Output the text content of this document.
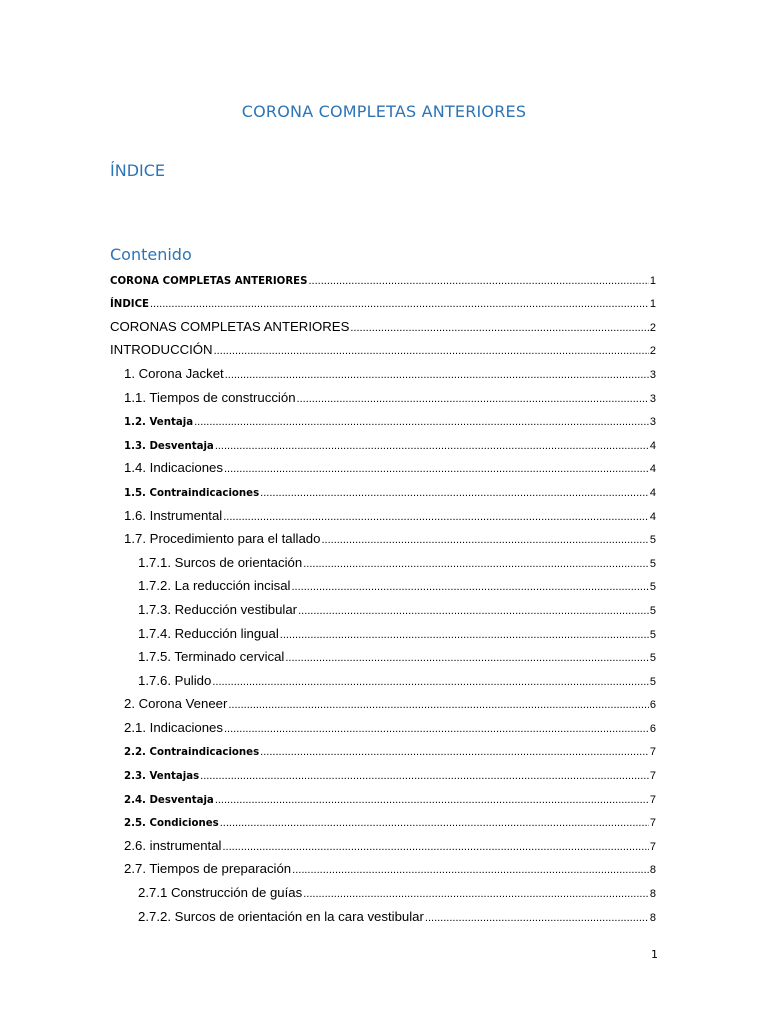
CORONA COMPLETAS ANTERIORES
ÍNDICE
Contenido
CORONA COMPLETAS ANTERIORES .....	1
ÍNDICE .....	1
CORONAS COMPLETAS ANTERIORES .....	2
INTRODUCCIÓN .....	2
1. Corona Jacket .....	3
1.1. Tiempos de construcción .....	3
1.2. Ventaja .....	3
1.3. Desventaja .....	4
1.4. Indicaciones .....	4
1.5. Contraindicaciones .....	4
1.6. Instrumental .....	4
1.7. Procedimiento para el tallado .....	5
1.7.1. Surcos de orientación .....	5
1.7.2. La reducción incisal .....	5
1.7.3. Reducción vestibular .....	5
1.7.4. Reducción lingual .....	5
1.7.5. Terminado cervical .....	5
1.7.6. Pulido .....	5
2. Corona Veneer .....	6
2.1. Indicaciones .....	6
2.2. Contraindicaciones .....	7
2.3. Ventajas .....	7
2.4. Desventaja .....	7
2.5. Condiciones .....	7
2.6. instrumental .....	7
2.7. Tiempos de preparación .....	8
2.7.1 Construcción de guías .....	8
2.7.2. Surcos de orientación en la cara vestibular .....	8
1
